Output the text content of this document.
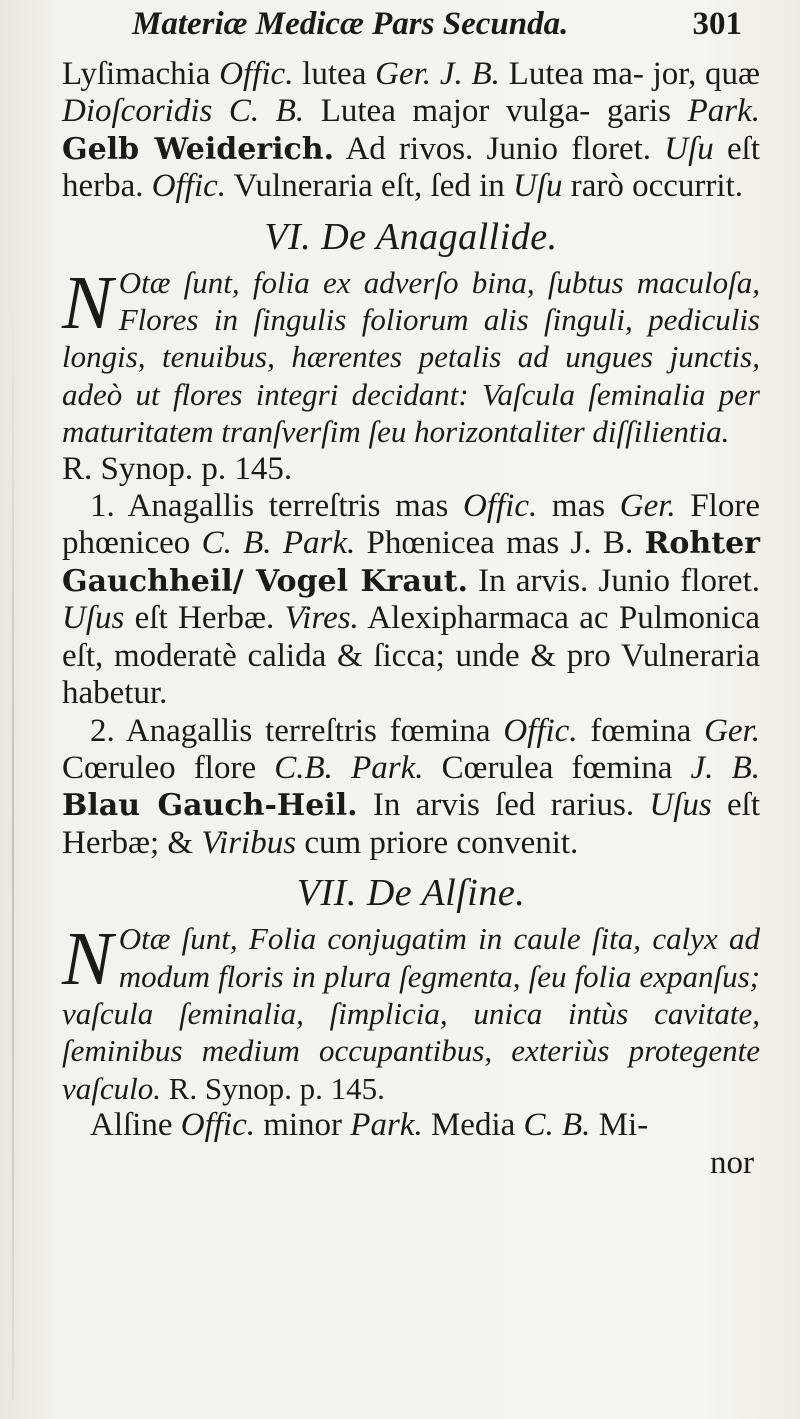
Materiæ Medicæ Pars Secunda.	301

Lyſimachia Offic. lutea Ger. J. B. Lutea ma- jor, quæ Dioſcoridis C. B. Lutea major vulga- garis Park. Gelb Weiderich. Ad rivos. Junio floret. Uſu eſt herba. Offic. Vulneraria eſt, ſed in Uſu rarò occurrit.

VI. De Anagallide.

N Otæ ſunt, folia ex adverſo bina, ſubtus maculoſa, Flores in ſingulis foliorum alis ſinguli, pediculis longis, tenuibus, hærentes petalis ad ungues junctis, adeò ut flores integri decidant: Vaſcula ſeminalia per maturitatem tranſverſim ſeu horizontaliter diſſilientia.

R. Synop. p. 145.

1. Anagallis terreſtris mas Offic. mas Ger. Flore phœniceo C. B. Park. Phœnicea mas J. B. Rohter Gauchheil/ Vogel Kraut. In arvis. Junio floret. Uſus eſt Herbæ. Vires. Alexipharmaca ac Pulmonica eſt, moderatè calida & ſicca; unde & pro Vulneraria habetur.

2. Anagallis terreſtris fœmina Offic. fœmina Ger. Cœruleo flore C.B. Park. Cœrulea fœmina J. B. Blau Gauch-Heil. In arvis ſed rarius. Uſus eſt Herbæ; & Viribus cum priore convenit.

VII. De Alſine.

N Otæ ſunt, Folia conjugatim in caule ſita, calyx ad modum floris in plura ſegmenta, ſeu folia expanſus; vaſcula ſeminalia, ſimplicia, unica intùs cavitate, ſeminibus medium occupantibus, exteriùs protegente vaſculo. R. Synop. p. 145.

Alſine Offic. minor Park. Media C. B. Mi-

nor
